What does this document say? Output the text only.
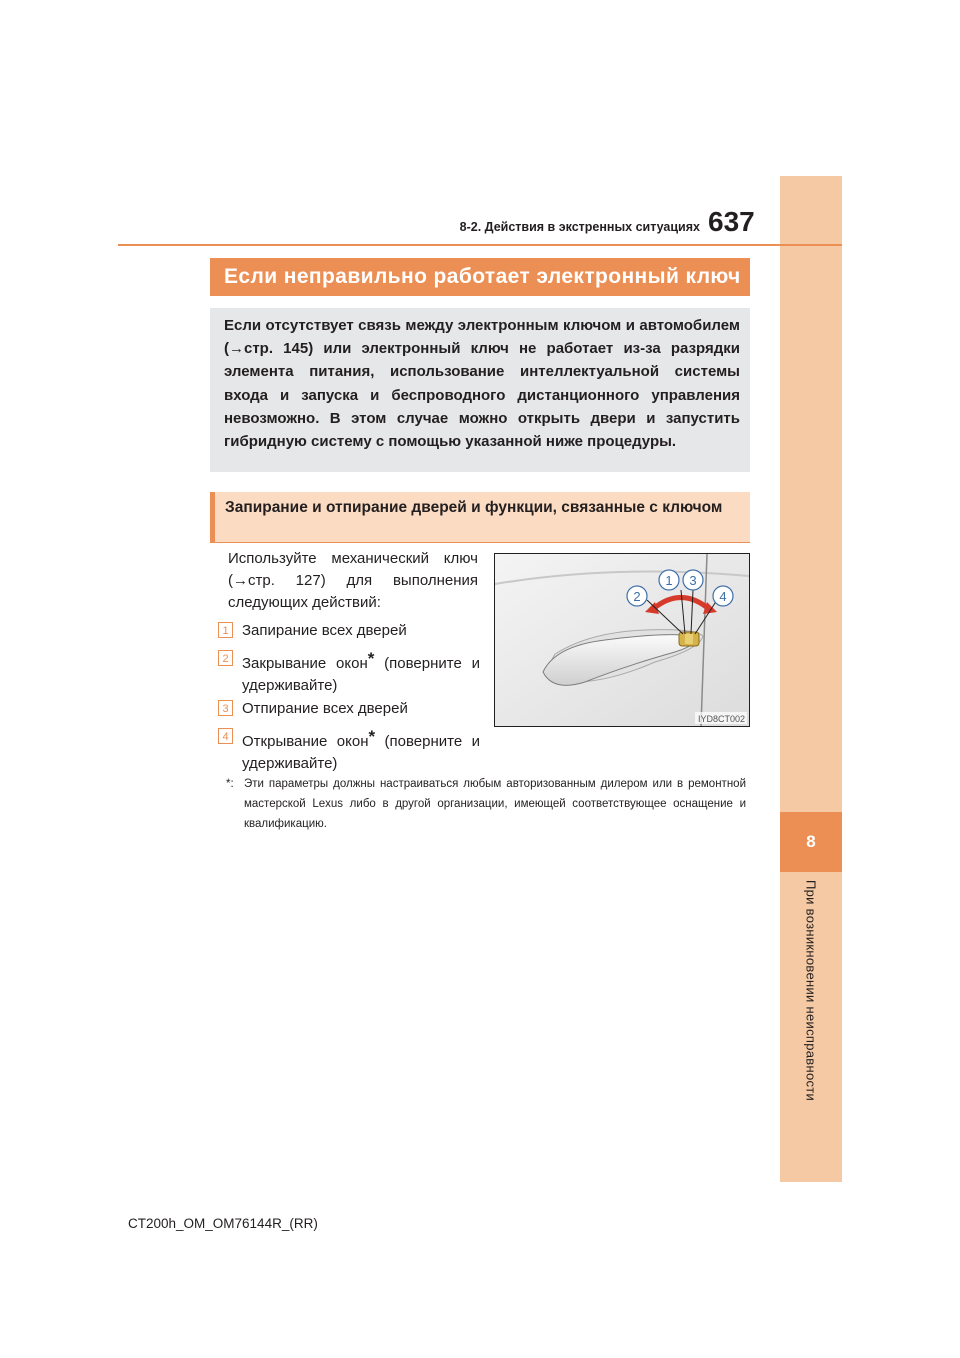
8
При возникновении неисправности
8-2. Действия в экстренных ситуациях 637
Если неправильно работает электронный ключ
Если отсутствует связь между электронным ключом и автомобилем (→стр. 145) или электронный ключ не работает из-за разрядки элемента питания, использование интеллектуальной системы входа и запуска и беспроводного дистанционного управления невозможно. В этом случае можно открыть двери и запустить гибридную систему с помощью указанной ниже процедуры.
Запирание и отпирание дверей и функции, связанные с ключом
Используйте механический ключ (→стр. 127) для выполнения следующих действий:
1 Запирание всех дверей
2 Закрывание окон* (поверните и удерживайте)
3 Отпирание всех дверей
4 Открывание окон* (поверните и удерживайте)
*: Эти параметры должны настраиваться любым авторизованным дилером или в ремонтной мастерской Lexus либо в другой организации, имеющей соответствующее оснащение и квалификацию.
1
2
3
4
IYD8CT002
CT200h_OM_OM76144R_(RR)
